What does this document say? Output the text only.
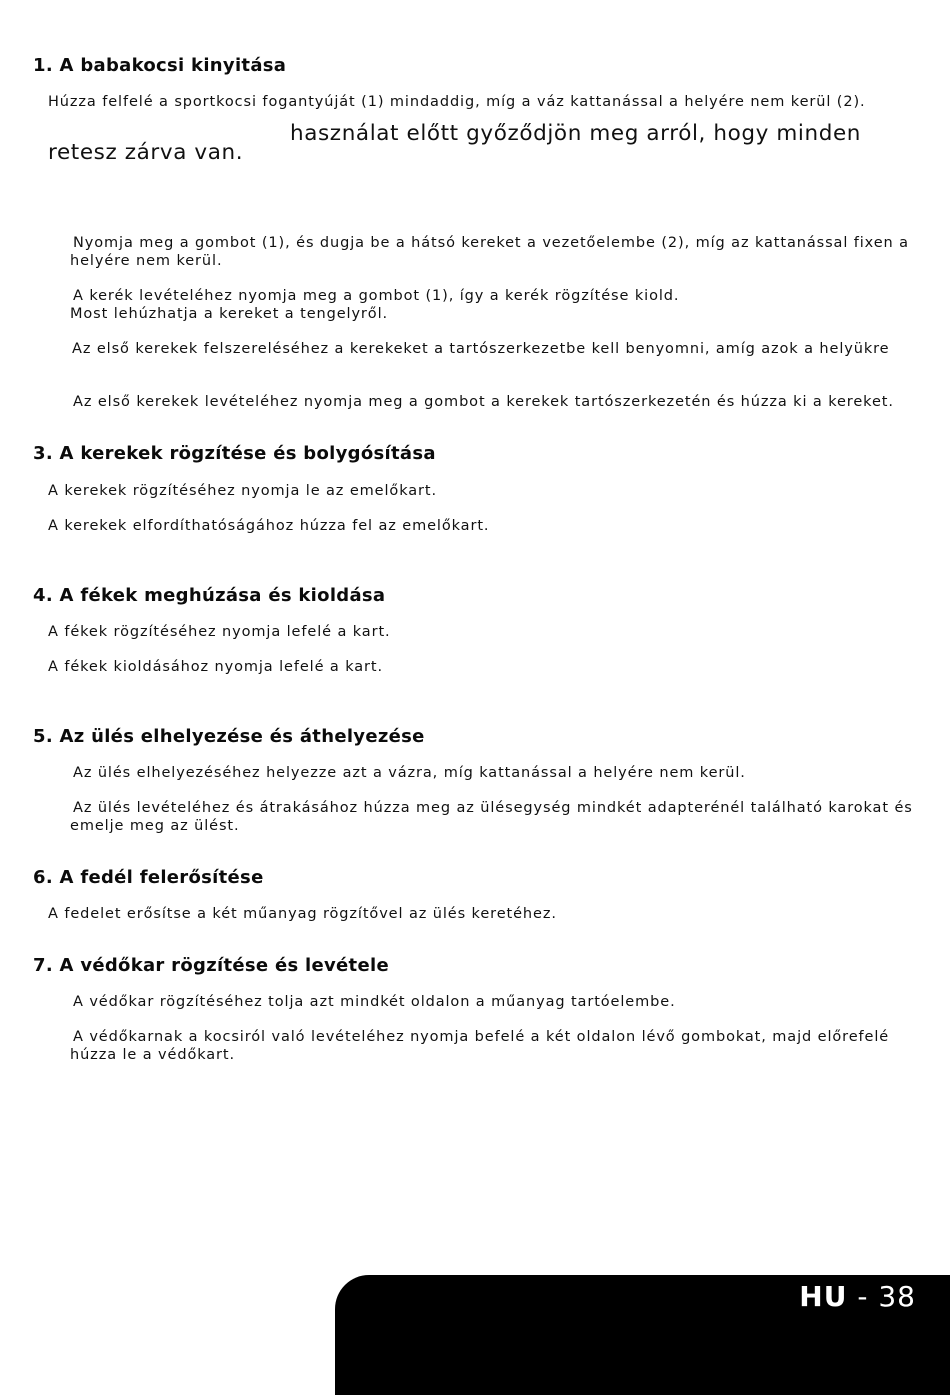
1. A babakocsi kinyitása
Húzza felfelé a sportkocsi fogantyúját (1) mindaddig, míg a váz kattanással a helyére nem kerül (2).
használat előtt győződjön meg arról, hogy minden
retesz zárva van.
Nyomja meg a gombot (1), és dugja be a hátsó kereket a vezetőelembe (2), míg az kattanással fixen a
helyére nem kerül.
A kerék levételéhez nyomja meg a gombot (1), így a kerék rögzítése kiold.
Most lehúzhatja a kereket a tengelyről.
Az első kerekek felszereléséhez a kerekeket a tartószerkezetbe kell benyomni, amíg azok a helyükre
Az első kerekek levételéhez nyomja meg a gombot a kerekek tartószerkezetén és húzza ki a kereket.
3. A kerekek rögzítése és bolygósítása
A kerekek rögzítéséhez nyomja le az emelőkart.
A kerekek elfordíthatóságához húzza fel az emelőkart.
4. A fékek meghúzása és kioldása
A fékek rögzítéséhez nyomja lefelé a kart.
A fékek kioldásához nyomja lefelé a kart.
5. Az ülés elhelyezése és áthelyezése
Az ülés elhelyezéséhez helyezze azt a vázra, míg kattanással a helyére nem kerül.
Az ülés levételéhez és átrakásához húzza meg az ülésegység mindkét adapterénél található karokat és
emelje meg az ülést.
6. A fedél felerősítése
A fedelet erősítse a két műanyag rögzítővel az ülés keretéhez.
7. A védőkar rögzítése és levétele
A védőkar rögzítéséhez tolja azt mindkét oldalon a műanyag tartóelembe.
A védőkarnak a kocsiról való levételéhez nyomja befelé a két oldalon lévő gombokat, majd előrefelé
húzza le a védőkart.
HU - 38
